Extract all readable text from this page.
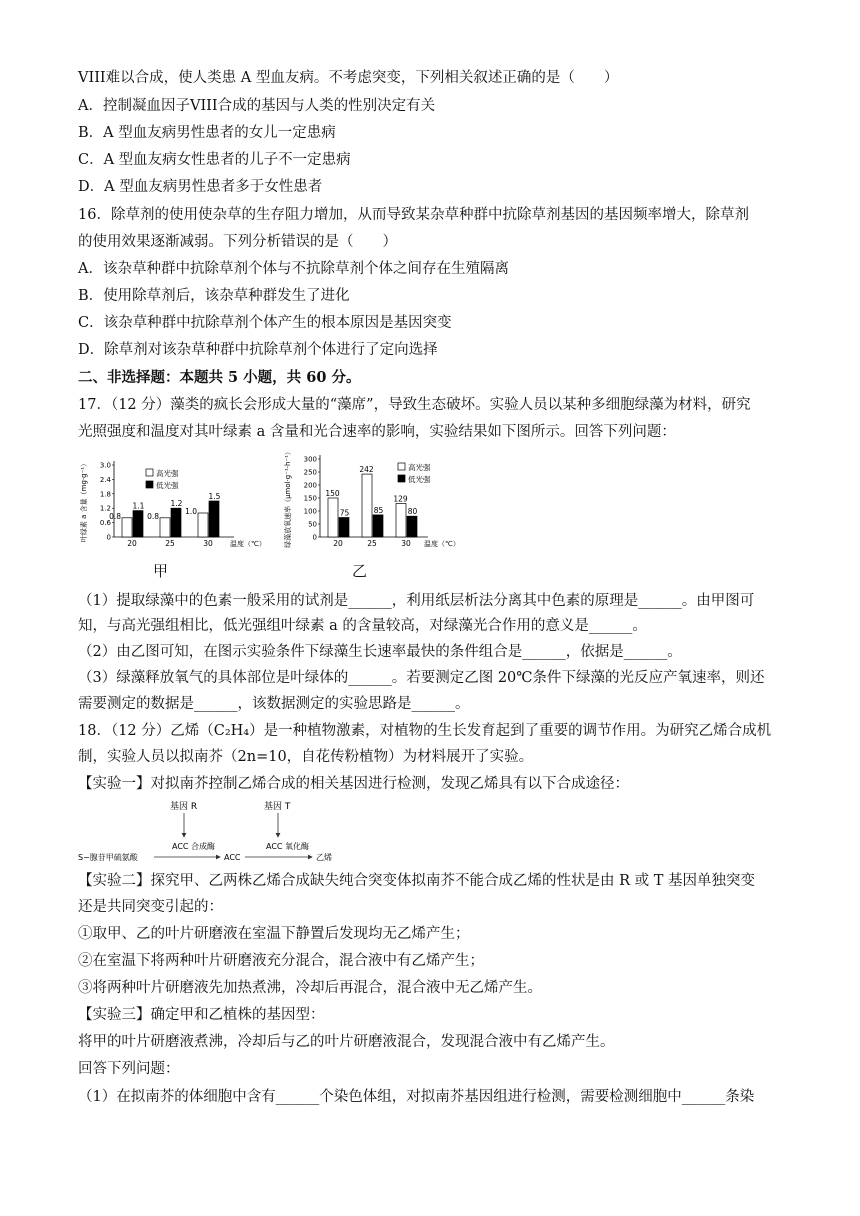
VIII难以合成，使人类患 A 型血友病。不考虑突变，下列相关叙述正确的是（　　）
A．控制凝血因子VIII合成的基因与人类的性别决定有关
B．A 型血友病男性患者的女儿一定患病
C．A 型血友病女性患者的儿子不一定患病
D．A 型血友病男性患者多于女性患者
16．除草剂的使用使杂草的生存阻力增加，从而导致某杂草种群中抗除草剂基因的基因频率增大，除草剂
的使用效果逐渐减弱。下列分析错误的是（　　）
A．该杂草种群中抗除草剂个体与不抗除草剂个体之间存在生殖隔离
B．使用除草剂后，该杂草种群发生了进化
C．该杂草种群中抗除草剂个体产生的根本原因是基因突变
D．除草剂对该杂草种群中抗除草剂个体进行了定向选择
二、非选择题：本题共 5 小题，共 60 分。
17．（12 分）藻类的疯长会形成大量的“藻席”，导致生态破坏。实验人员以某种多细胞绿藻为材料，研究
光照强度和温度对其叶绿素 a 含量和光合速率的影响，实验结果如下图所示。回答下列问题：
叶绿素 a 含量（mg·g⁻¹）	0
0.6
1.2
1.8
2.4
3.0
0.8
1.1
20
0.8
1.2
25
1.0
1.5
30 温度（℃）
高光强
低光强
甲
绿藻放氧速率（μmol·g⁻¹·h⁻¹）	0
50
100
150
200
250
300
150
75
20
242
85
25
129
80
30 温度（℃）
高光强
低光强
乙
（1）提取绿藻中的色素一般采用的试剂是______，利用纸层析法分离其中色素的原理是______。由甲图可
知，与高光强组相比，低光强组叶绿素 a 的含量较高，对绿藻光合作用的意义是______。
（2）由乙图可知，在图示实验条件下绿藻生长速率最快的条件组合是______，依据是______。
（3）绿藻释放氧气的具体部位是叶绿体的______。若要测定乙图 20℃条件下绿藻的光反应产氧速率，则还
需要测定的数据是______，该数据测定的实验思路是______。
18．（12 分）乙烯（C₂H₄）是一种植物激素，对植物的生长发育起到了重要的调节作用。为研究乙烯合成机
制，实验人员以拟南芥（2n=10，自花传粉植物）为材料展开了实验。
【实验一】对拟南芥控制乙烯合成的相关基因进行检测，发现乙烯具有以下合成途径：
基因 R	基因 T
ACC 合成酶	ACC 氧化酶
S−腺苷甲硫氨酸	ACC	乙烯
【实验二】探究甲、乙两株乙烯合成缺失纯合突变体拟南芥不能合成乙烯的性状是由 R 或 T 基因单独突变
还是共同突变引起的：
①取甲、乙的叶片研磨液在室温下静置后发现均无乙烯产生；
②在室温下将两种叶片研磨液充分混合，混合液中有乙烯产生；
③将两种叶片研磨液先加热煮沸，冷却后再混合，混合液中无乙烯产生。
【实验三】确定甲和乙植株的基因型：
将甲的叶片研磨液煮沸，冷却后与乙的叶片研磨液混合，发现混合液中有乙烯产生。
回答下列问题：
（1）在拟南芥的体细胞中含有______个染色体组，对拟南芥基因组进行检测，需要检测细胞中______条染
